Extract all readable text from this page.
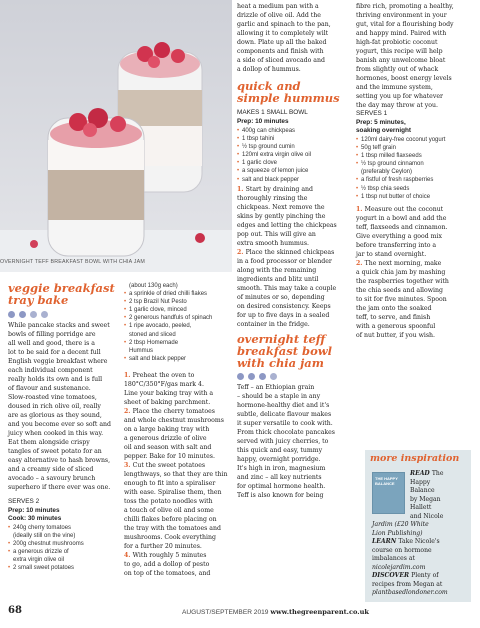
OVERNIGHT TEFF BREAKFAST BOWL WITH CHIA JAM
veggie breakfast
tray bake
While pancake stacks and sweet
bowls of filling porridge are
all well and good, there is a
lot to be said for a decent full
English veggie breakfast where
each individual component
really holds its own and is full
of flavour and sustenance.
Slow-roasted vine tomatoes,
doused in rich olive oil, really
are as glorious as they sound,
and you become ever so soft and
juicy when cooked in this way.
Eat them alongside crispy
tangles of sweet potato for an
easy alternative to hash browns,
and a creamy side of sliced
avocado – a savoury brunch
superhero if there ever was one.
SERVES 2
Prep: 10 minutes
Cook: 30 minutes
• 240g cherry tomatoes
(ideally still on the vine)
• 200g chestnut mushrooms
• a generous drizzle of
extra virgin olive oil
• 2 small sweet potatoes
(about 130g each)
• a sprinkle of dried chilli flakes
• 2 tsp Brazil Nut Pesto
• 1 garlic clove, minced
• 2 generous handfuls of spinach
• 1 ripe avocado, peeled,
stoned and sliced
• 2 tbsp Homemade
Hummus
• salt and black pepper
1. Preheat the oven to
180°C/350°F/gas mark 4.
Line your baking tray with a
sheet of baking parchment.
2. Place the cherry tomatoes
and whole chestnut mushrooms
on a large baking tray with
a generous drizzle of olive
oil and season with salt and
pepper. Bake for 10 minutes.
3. Cut the sweet potatoes
lengthways, so that they are thin
enough to fit into a spiraliser
with ease. Spiralise them, then
toss the potato noodles with
a touch of olive oil and some
chilli flakes before placing on
the tray with the tomatoes and
mushrooms. Cook everything
for a further 20 minutes.
4. With roughly 5 minutes
to go, add a dollop of pesto
on top of the tomatoes, and
heat a medium pan with a
drizzle of olive oil. Add the
garlic and spinach to the pan,
allowing it to completely wilt
down. Plate up all the baked
components and finish with
a side of sliced avocado and
a dollop of hummus.
quick and
simple hummus
MAKES 1 SMALL BOWL
Prep: 10 minutes
• 400g can chickpeas
• 1 tbsp tahini
• ½ tsp ground cumin
• 120ml extra virgin olive oil
• 1 garlic clove
• a squeeze of lemon juice
• salt and black pepper
1. Start by draining and
thoroughly rinsing the
chickpeas. Next remove the
skins by gently pinching the
edges and letting the chickpeas
pop out. This will give an
extra smooth hummus.
2. Place the skinned chickpeas
in a food processor or blender
along with the remaining
ingredients and blitz until
smooth. This may take a couple
of minutes or so, depending
on desired consistency. Keeps
for up to five days in a sealed
container in the fridge.
overnight teff
breakfast bowl
with chia jam
Teff – an Ethiopian grain
– should be a staple in any
hormone-healthy diet and it's
subtle, delicate flavour makes
it super versatile to cook with.
From thick chocolate pancakes
served with juicy cherries, to
this quick and easy, tummy
happy, overnight porridge.
It's high in iron, magnesium
and zinc – all key nutrients
for optimal hormone health.
Teff is also known for being
fibre rich, promoting a healthy,
thriving environment in your
gut, vital for a flourishing body
and happy mind. Paired with
high-fat probiotic coconut
yogurt, this recipe will help
banish any unwelcome bloat
from slightly out of whack
hormones, boost energy levels
and the immune system,
setting you up for whatever
the day may throw at you.
SERVES 1
Prep: 5 minutes,
soaking overnight
• 120ml dairy-free coconut yogurt
• 50g teff grain
• 1 tbsp milled flaxseeds
• ½ tsp ground cinnamon
(preferably Ceylon)
• a fistful of fresh raspberries
• ½ tbsp chia seeds
• 1 tbsp nut butter of choice
1. Measure out the coconut
yogurt in a bowl and add the
teff, flaxseeds and cinnamon.
Give everything a good mix
before transferring into a
jar to stand overnight.
2. The next morning, make
a quick chia jam by mashing
the raspberries together with
the chia seeds and allowing
to sit for five minutes. Spoon
the jam onto the soaked
teff, to serve, and finish
with a generous spoonful
of nut butter, if you wish.
more inspiration
THE HAPPY BALANCE
READ The
Happy
Balance
by Megan
Hallett
and Nicole
Jardim (£20 White
Lion Publishing)
LEARN Take Nicole's
course on hormone
imbalances at
nicolejardim.com
DISCOVER Plenty of
recipes from Megan at
plantbasedlondoner.com
68	AUGUST/SEPTEMBER 2019 www.thegreenparent.co.uk
